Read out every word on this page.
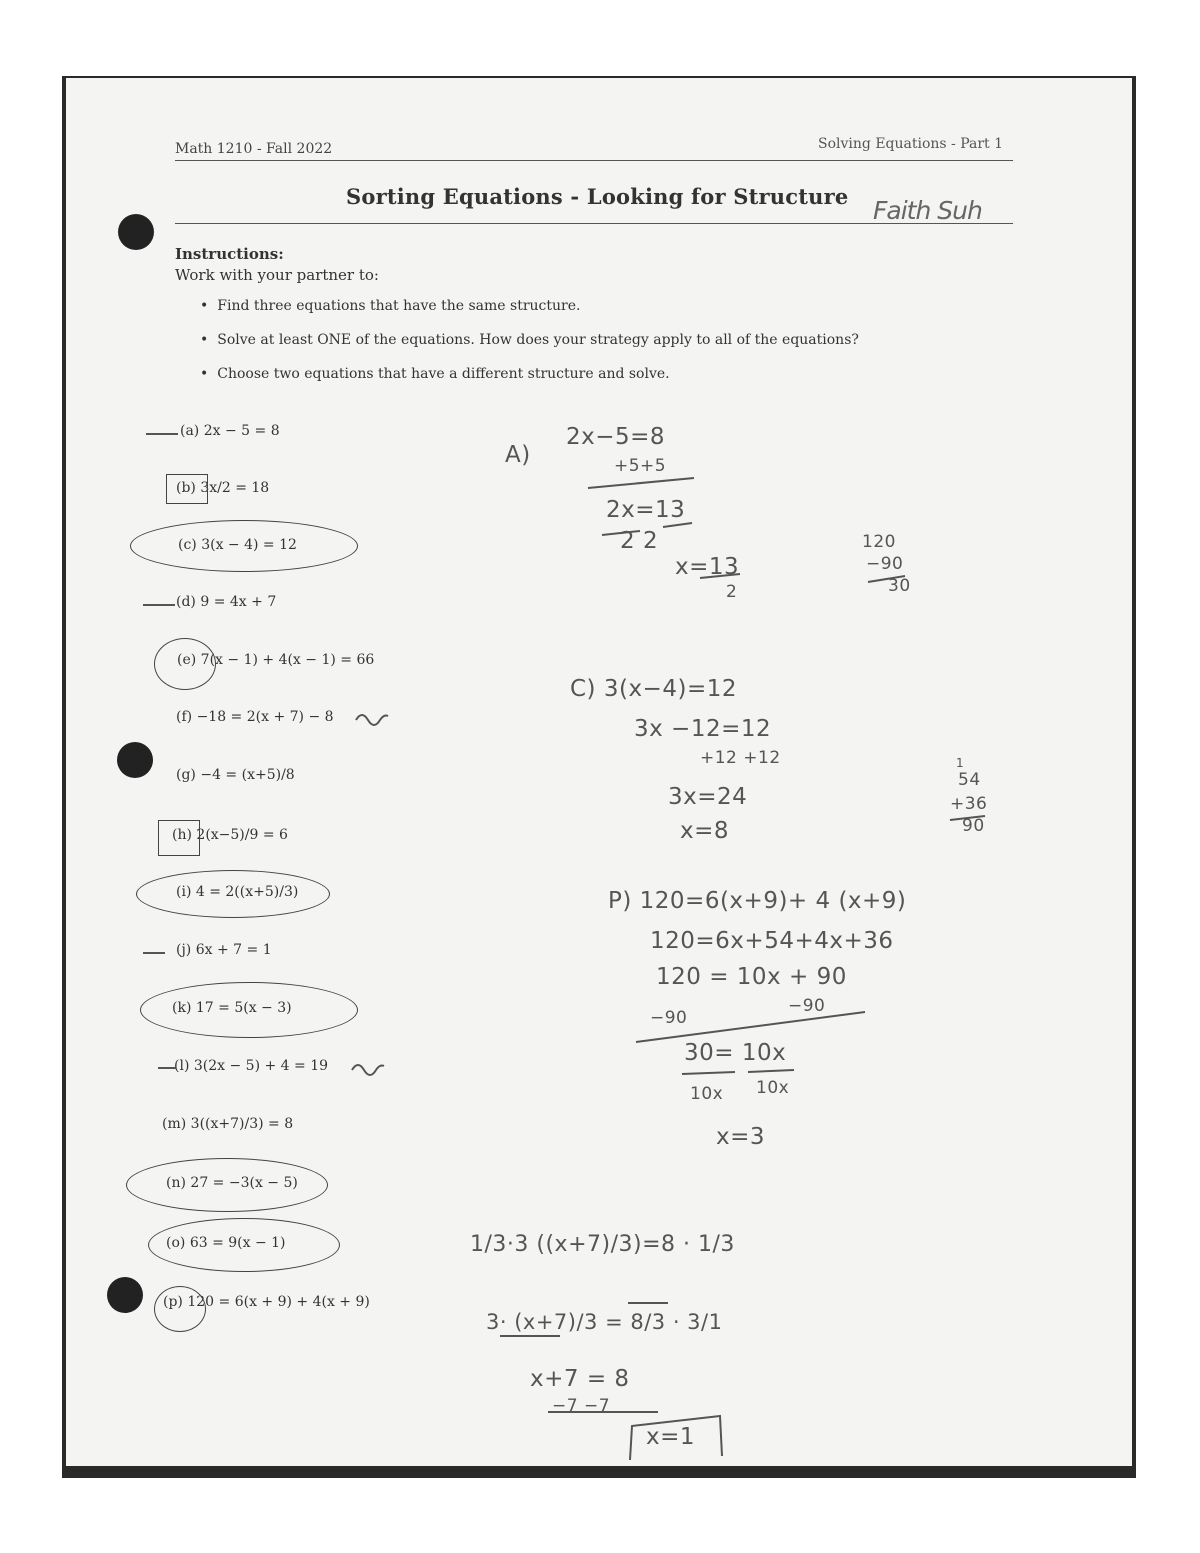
Math 1210 - Fall 2022	Solving Equations - Part 1
Sorting Equations - Looking for Structure Faith Suh
Instructions:
Work with your partner to:
• Find three equations that have the same structure.
• Solve at least ONE of the equations. How does your strategy apply to all of the equations?
• Choose two equations that have a different structure and solve.
(a) 2x − 5 = 8
(b) 3x/2 = 18
(c) 3(x − 4) = 12
(d) 9 = 4x + 7
(e) 7(x − 1) + 4(x − 1) = 66
(f) −18 = 2(x + 7) − 8
(g) −4 = (x+5)/8
(h) 2(x−5)/9 = 6
(i) 4 = 2((x+5)/3)
(j) 6x + 7 = 1
(k) 17 = 5(x − 3)
(l) 3(2x − 5) + 4 = 19
(m) 3((x+7)/3) = 8
(n) 27 = −3(x − 5)
(o) 63 = 9(x − 1)
(p) 120 = 6(x + 9) + 4(x + 9)
A)
2x−5=8
+5+5
2x=13
2 2
x=13
2
120
−90
30
C) 3(x−4)=12
3x −12=12
+12 +12
3x=24
x=8
1
54
+36
90
P) 120=6(x+9)+ 4 (x+9)
120=6x+54+4x+36
120 = 10x + 90
−90
−90
30= 10x
10x 10x
x=3
1/3·3 ((x+7)/3)=8 · 1/3
3· (x+7)/3 = 8/3 · 3/1
x+7 = 8
−7 −7
x=1
